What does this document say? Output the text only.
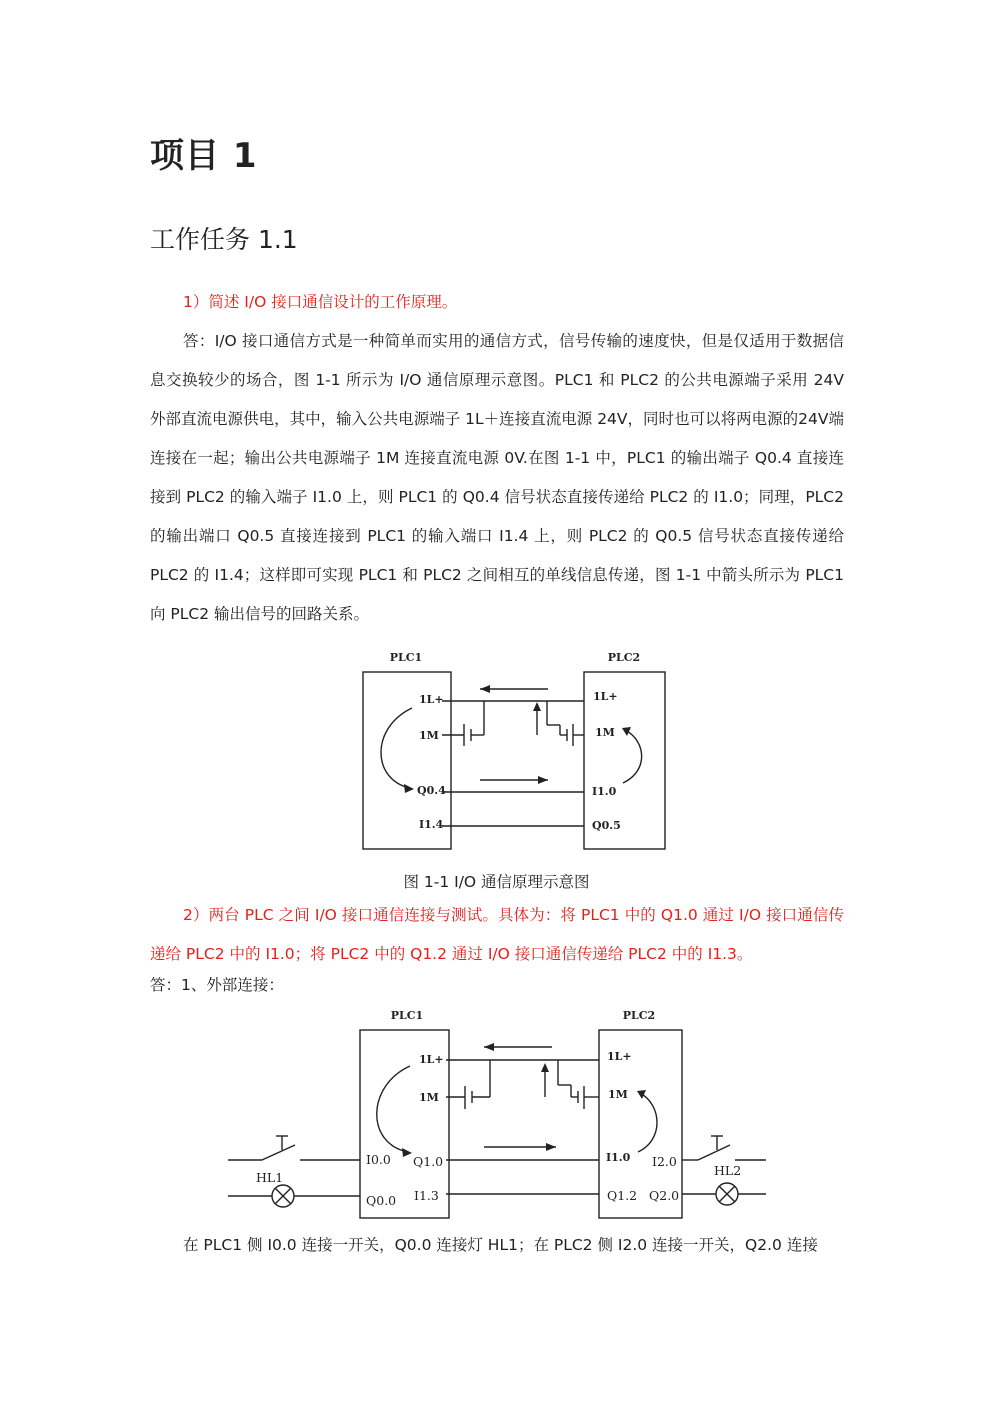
项目 1
工作任务 1.1

1）简述 I/O 接口通信设计的工作原理。

答：I/O 接口通信方式是一种简单而实用的通信方式，信号传输的速度快，但是仅适用于数据信息交换较少的场合，图 1-1 所示为 I/O 通信原理示意图。PLC1 和 PLC2 的公共电源端子采用 24V 外部直流电源供电，其中，输入公共电源端子 1L＋连接直流电源 24V，同时也可以将两电源的24V端连接在一起；输出公共电源端子 1M 连接直流电源 0V.在图 1-1 中，PLC1 的输出端子 Q0.4 直接连接到 PLC2 的输入端子 I1.0 上，则 PLC1 的 Q0.4 信号状态直接传递给 PLC2 的 I1.0；同理，PLC2 的输出端口 Q0.5 直接连接到 PLC1 的输入端口 I1.4 上，则 PLC2 的 Q0.5 信号状态直接传递给 PLC2 的 I1.4；这样即可实现 PLC1 和 PLC2 之间相互的单线信息传递，图 1-1 中箭头所示为 PLC1 向 PLC2 输出信号的回路关系。

PLC1	PLC2
1L+
1M
Q0.4
I1.4
1L+
1M
I1.0
Q0.5
图 1-1 I/O 通信原理示意图

2）两台 PLC 之间 I/O 接口通信连接与测试。具体为：将 PLC1 中的 Q1.0 通过 I/O 接口通信传递给 PLC2 中的 I1.0；将 PLC2 中的 Q1.2 通过 I/O 接口通信传递给 PLC2 中的 I1.3。

答：1、外部连接：

PLC1	PLC2
1L+
1M
1L+
1M
I1.0
I0.0 Q1.0
Q0.0 I1.3
I2.0
Q1.2 Q2.0
HL1	HL2

在 PLC1 侧 I0.0 连接一开关，Q0.0 连接灯 HL1；在 PLC2 侧 I2.0 连接一开关，Q2.0 连接
